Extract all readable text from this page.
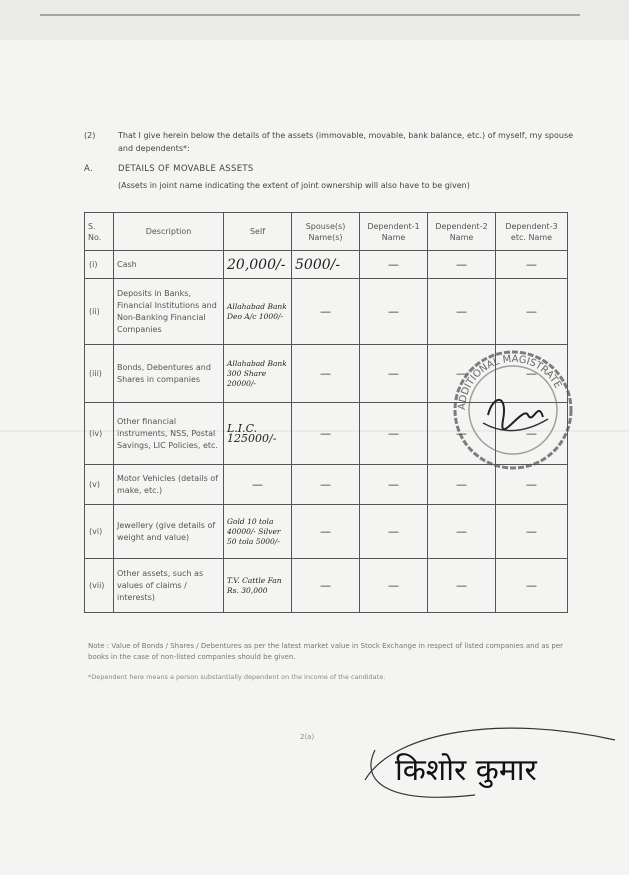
(2)	That I give herein below the details of the assets (immovable, movable, bank balance, etc.) of myself, my spouse and dependents*:
A.	DETAILS OF MOVABLE ASSETS
(Assets in joint name indicating the extent of joint ownership will also have to be given)
S. No.	Description	Self	Spouse(s) Name(s)	Dependent-1 Name	Dependent-2 Name	Dependent-3 etc. Name
(i)	Cash	20,000/-	5000/-	—	—	—

(ii)	Deposits in Banks, Financial Institutions and Non-Banking Financial Companies	Allahabad Bank Deo A/c 1000/-	—	—	—	—

(iii)	Bonds, Debentures and Shares in companies	Allahabad Bank 300 Share 20000/-	—	—	—	—

(iv)	Other financial instruments, NSS, Postal Savings, LIC Policies, etc.	L.I.C. 125000/-	—	—	—	—

(v)	Motor Vehicles (details of make, etc.)	—	—	—	—	—

(vi)	Jewellery (give details of weight and value)	Gold 10 tola 40000/- Silver 50 tola 5000/-	—	—	—	—

(vii)	Other assets, such as values of claims / interests)	T.V. Cattle Fan Rs. 30,000	—	—	—	—
ADDITIONAL MAGISTRATE
Note : Value of Bonds / Shares / Debentures as per the latest market value in Stock Exchange in respect of listed companies and as per books in the case of non-listed companies should be given.
*Dependent here means a person substantially dependent on the income of the candidate.
2(a)
किशोर कुमार
